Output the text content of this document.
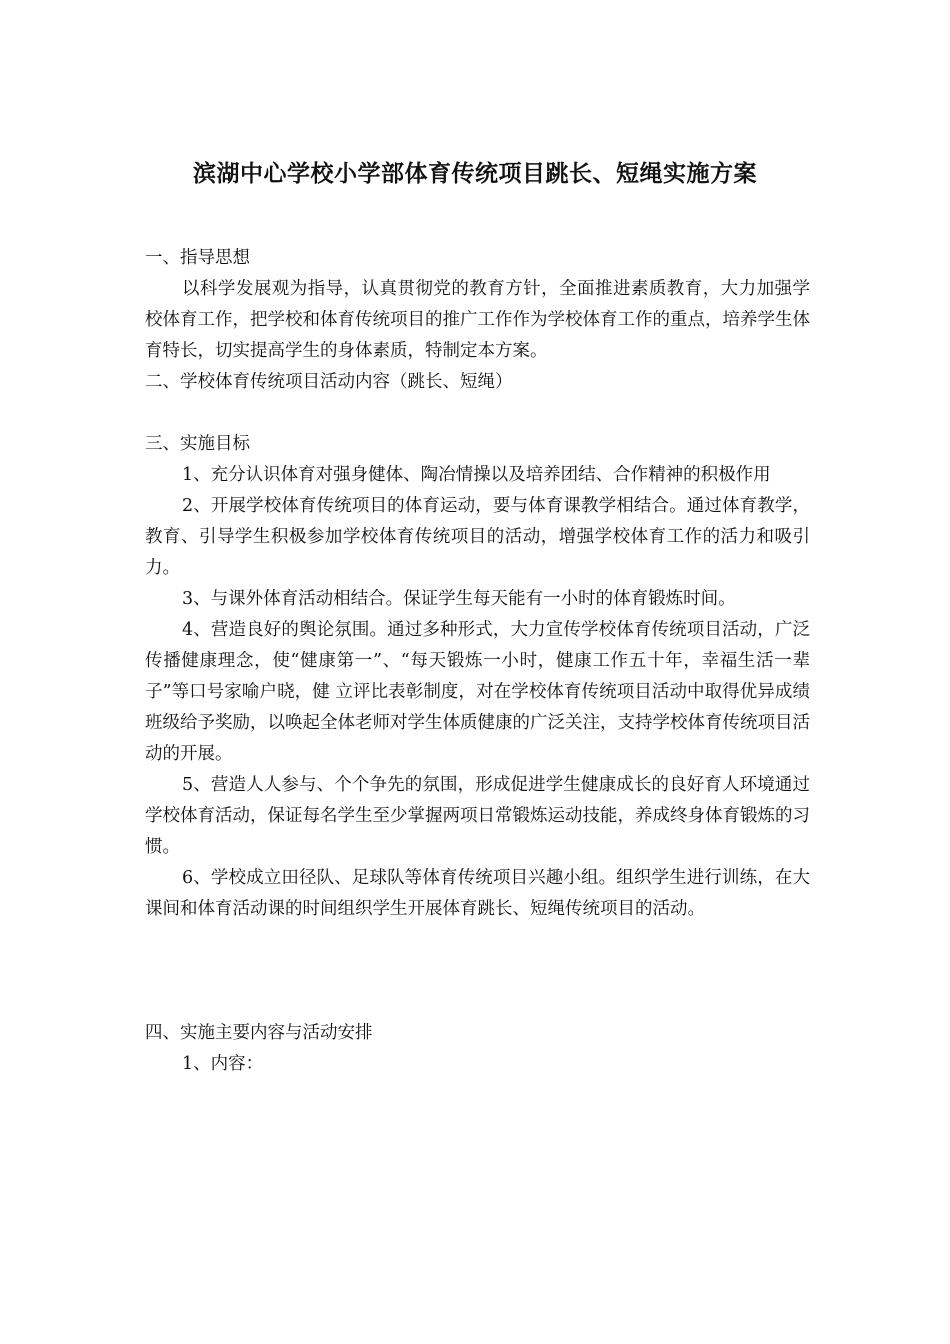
滨湖中心学校小学部体育传统项目跳长、短绳实施方案

一、指导思想

以科学发展观为指导，认真贯彻党的教育方针，全面推进素质教育，大力加强学校体育工作，把学校和体育传统项目的推广工作作为学校体育工作的重点，培养学生体育特长，切实提高学生的身体素质，特制定本方案。

二、学校体育传统项目活动内容（跳长、短绳）

三、实施目标

1、充分认识体育对强身健体、陶冶情操以及培养团结、合作精神的积极作用

2、开展学校体育传统项目的体育运动，要与体育课教学相结合。通过体育教学，教育、引导学生积极参加学校体育传统项目的活动，增强学校体育工作的活力和吸引力。

3、与课外体育活动相结合。保证学生每天能有一小时的体育锻炼时间。

4、营造良好的舆论氛围。通过多种形式，大力宣传学校体育传统项目活动，广泛传播健康理念，使“健康第一”、“每天锻炼一小时，健康工作五十年，幸福生活一辈子”等口号家喻户晓，健 立评比表彰制度，对在学校体育传统项目活动中取得优异成绩班级给予奖励，以唤起全体老师对学生体质健康的广泛关注，支持学校体育传统项目活动的开展。

5、营造人人参与、个个争先的氛围，形成促进学生健康成长的良好育人环境通过学校体育活动，保证每名学生至少掌握两项日常锻炼运动技能，养成终身体育锻炼的习惯。

6、学校成立田径队、足球队等体育传统项目兴趣小组。组织学生进行训练，在大课间和体育活动课的时间组织学生开展体育跳长、短绳传统项目的活动。

四、实施主要内容与活动安排

1、内容：
